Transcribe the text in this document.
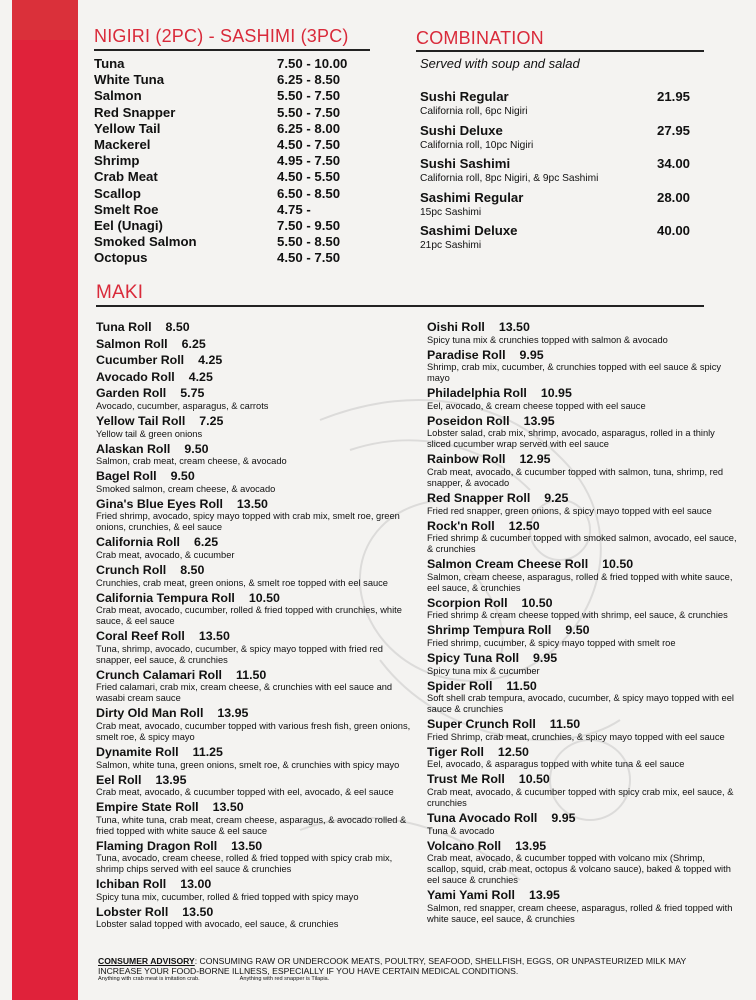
NIGIRI (2PC) - SASHIMI (3PC)
Tuna	7.50 - 10.00
White Tuna	6.25 - 8.50
Salmon	5.50 - 7.50
Red Snapper	5.50 - 7.50
Yellow Tail	6.25 - 8.00
Mackerel	4.50 - 7.50
Shrimp	4.95 - 7.50
Crab Meat	4.50 - 5.50
Scallop	6.50 - 8.50
Smelt Roe	4.75 -
Eel (Unagi)	7.50 - 9.50
Smoked Salmon	5.50 - 8.50
Octopus	4.50 - 7.50
COMBINATION
Served with soup and salad
Sushi Regular	21.95
California roll, 6pc Nigiri
Sushi Deluxe	27.95
California roll, 10pc Nigiri
Sushi Sashimi	34.00
California roll, 8pc Nigiri, & 9pc Sashimi
Sashimi Regular	28.00
15pc Sashimi
Sashimi Deluxe	40.00
21pc Sashimi
MAKI
Tuna Roll 8.50
Salmon Roll 6.25
Cucumber Roll 4.25
Avocado Roll 4.25
Garden Roll 5.75
Avocado, cucumber, asparagus, & carrots
Yellow Tail Roll 7.25
Yellow tail & green onions
Alaskan Roll 9.50
Salmon, crab meat, cream cheese, & avocado
Bagel Roll 9.50
Smoked salmon, cream cheese, & avocado
Gina's Blue Eyes Roll 13.50
Fried shrimp, avocado, spicy mayo topped with crab mix, smelt roe, green onions, crunchies, & eel sauce
California Roll 6.25
Crab meat, avocado, & cucumber
Crunch Roll 8.50
Crunchies, crab meat, green onions, & smelt roe topped with eel sauce
California Tempura Roll 10.50
Crab meat, avocado, cucumber, rolled & fried topped with crunchies, white sauce, & eel sauce
Coral Reef Roll 13.50
Tuna, shrimp, avocado, cucumber, & spicy mayo topped with fried red snapper, eel sauce, & crunchies
Crunch Calamari Roll 11.50
Fried calamari, crab mix, cream cheese, & crunchies with eel sauce and wasabi cream sauce
Dirty Old Man Roll 13.95
Crab meat, avocado, cucumber topped with various fresh fish, green onions, smelt roe, & spicy mayo
Dynamite Roll 11.25
Salmon, white tuna, green onions, smelt roe, & crunchies with spicy mayo
Eel Roll 13.95
Crab meat, avocado, & cucumber topped with eel, avocado, & eel sauce
Empire State Roll 13.50
Tuna, white tuna, crab meat, cream cheese, asparagus, & avocado rolled & fried topped with white sauce & eel sauce
Flaming Dragon Roll 13.50
Tuna, avocado, cream cheese, rolled & fried topped with spicy crab mix, shrimp chips served with eel sauce & crunchies
Ichiban Roll 13.00
Spicy tuna mix, cucumber, rolled & fried topped with spicy mayo
Lobster Roll 13.50
Lobster salad topped with avocado, eel sauce, & crunchies
Oishi Roll 13.50
Spicy tuna mix & crunchies topped with salmon & avocado
Paradise Roll 9.95
Shrimp, crab mix, cucumber, & crunchies topped with eel sauce & spicy mayo
Philadelphia Roll 10.95
Eel, avocado, & cream cheese topped with eel sauce
Poseidon Roll 13.95
Lobster salad, crab mix, shrimp, avocado, asparagus, rolled in a thinly sliced cucumber wrap served with eel sauce
Rainbow Roll 12.95
Crab meat, avocado, & cucumber topped with salmon, tuna, shrimp, red snapper, & avocado
Red Snapper Roll 9.25
Fried red snapper, green onions, & spicy mayo topped with eel sauce
Rock'n Roll 12.50
Fried shrimp & cucumber topped with smoked salmon, avocado, eel sauce, & crunchies
Salmon Cream Cheese Roll 10.50
Salmon, cream cheese, asparagus, rolled & fried topped with white sauce, eel sauce, & crunchies
Scorpion Roll 10.50
Fried shrimp & cream cheese topped with shrimp, eel sauce, & crunchies
Shrimp Tempura Roll 9.50
Fried shrimp, cucumber, & spicy mayo topped with smelt roe
Spicy Tuna Roll 9.95
Spicy tuna mix & cucumber
Spider Roll 11.50
Soft shell crab tempura, avocado, cucumber, & spicy mayo topped with eel sauce & crunchies
Super Crunch Roll 11.50
Fried Shrimp, crab meat, crunchies, & spicy mayo topped with eel sauce
Tiger Roll 12.50
Eel, avocado, & asparagus topped with white tuna & eel sauce
Trust Me Roll 10.50
Crab meat, avocado, & cucumber topped with spicy crab mix, eel sauce, & crunchies
Tuna Avocado Roll 9.95
Tuna & avocado
Volcano Roll 13.95
Crab meat, avocado, & cucumber topped with volcano mix (Shrimp, scallop, squid, crab meat, octopus & volcano sauce), baked & topped with eel sauce & crunchies
Yami Yami Roll 13.95
Salmon, red snapper, cream cheese, asparagus, rolled & fried topped with white sauce, eel sauce, & crunchies
CONSUMER ADVISORY: CONSUMING RAW OR UNDERCOOK MEATS, POULTRY, SEAFOOD, SHELLFISH, EGGS, OR UNPASTEURIZED MILK MAY INCREASE YOUR FOOD-BORNE ILLNESS, ESPECIALLY IF YOU HAVE CERTAIN MEDICAL CONDITIONS.
Anything with crab meat is imitation crab.	Anything with red snapper is Tilapia.
